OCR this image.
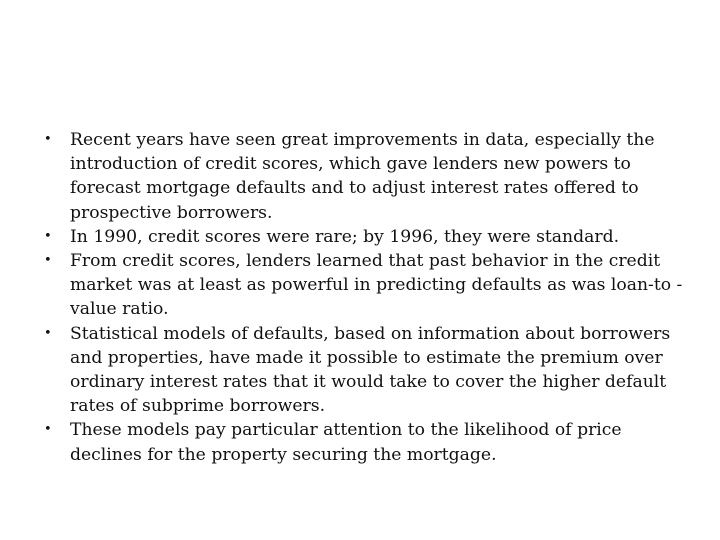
•	Recent years have seen great improvements in data, especially the introduction of credit scores, which gave lenders new powers to forecast mortgage defaults and to adjust interest rates offered to prospective borrowers.
•	In 1990, credit scores were rare; by 1996, they were standard.
•	From credit scores, lenders learned that past behavior in the credit market was at least as powerful in predicting defaults as was loan-to -value ratio.
•	Statistical models of defaults, based on information about borrowers and properties, have made it possible to estimate the premium over ordinary interest rates that it would take to cover the higher default rates of subprime borrowers.
•	These models pay particular attention to the likelihood of price declines for the property securing the mortgage.
